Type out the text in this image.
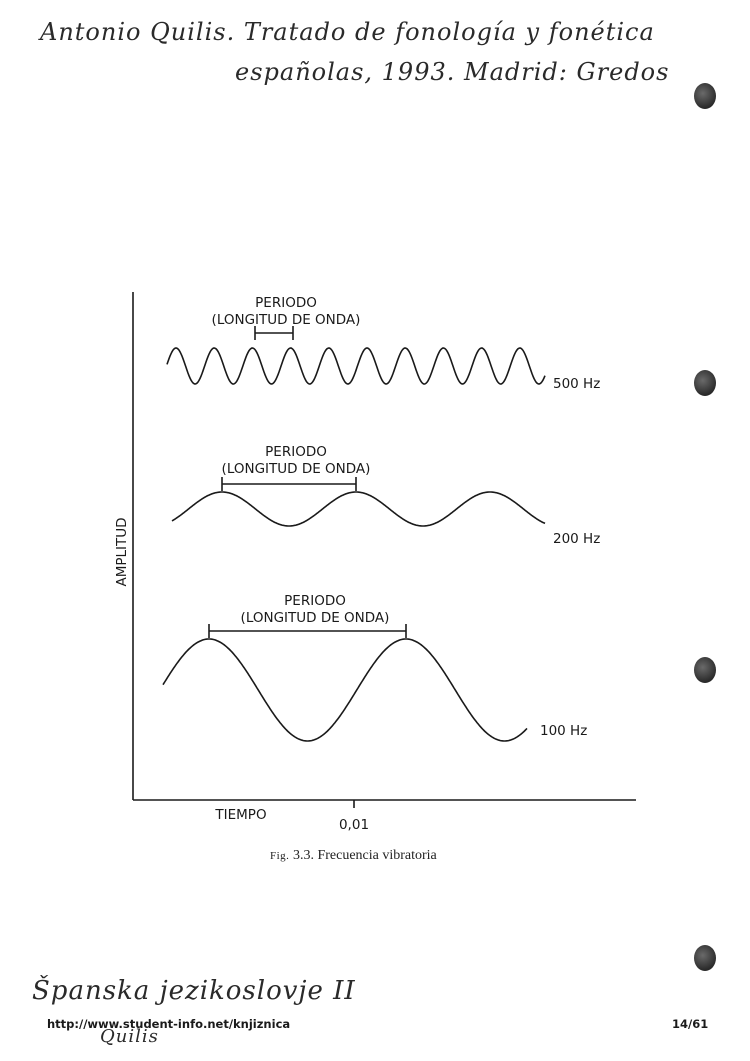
Antonio Quilis. Tratado de fonología y fonética
españolas, 1993. Madrid: Gredos
PERIODO
(LONGITUD DE ONDA)
500 Hz
PERIODO
(LONGITUD DE ONDA)
200 Hz
PERIODO
(LONGITUD DE ONDA)
100 Hz
AMPLITUD
TIEMPO
0,01
Fig. 3.3. Frecuencia vibratoria
Španska jezikoslovje II
Quilis
http://www.student-info.net/knjiznica	14/61
